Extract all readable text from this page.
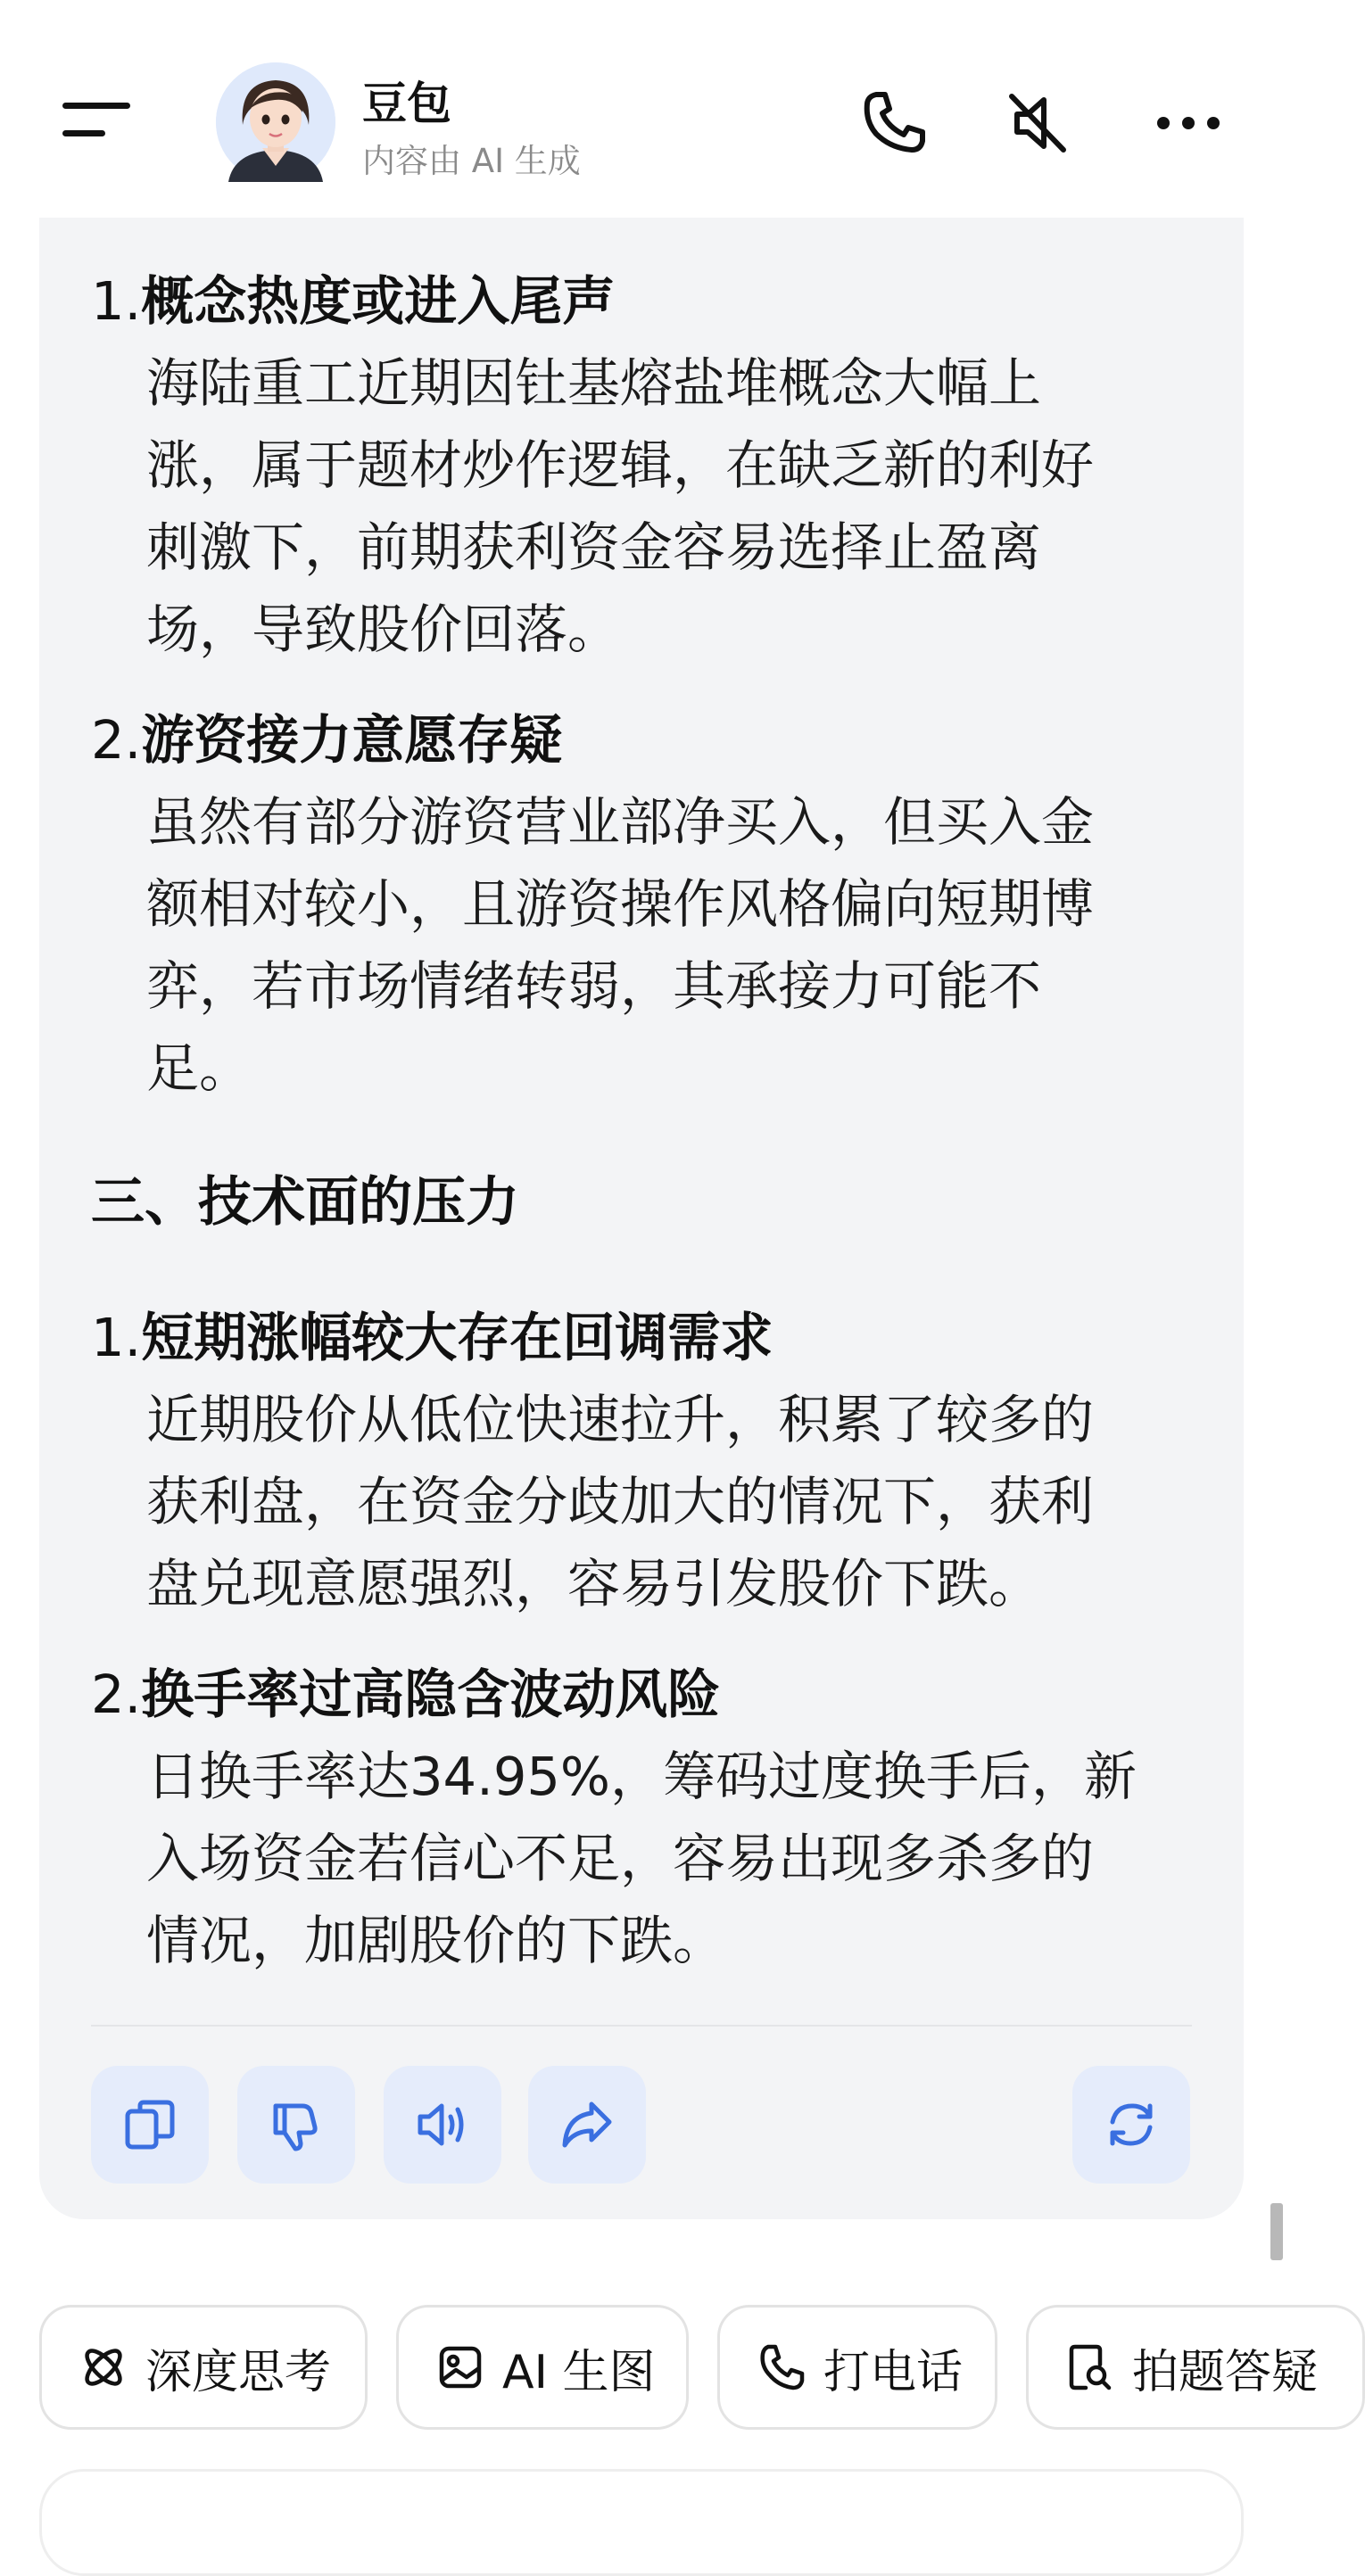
豆包
内容由 AI 生成
1.概念热度或进入尾声
海陆重工近期因钍基熔盐堆概念大幅上
涨，属于题材炒作逻辑，在缺乏新的利好
刺激下，前期获利资金容易选择止盈离
场，导致股价回落。
2.游资接力意愿存疑
虽然有部分游资营业部净买入，但买入金
额相对较小，且游资操作风格偏向短期博
弈，若市场情绪转弱，其承接力可能不
足。
三、技术面的压力
1.短期涨幅较大存在回调需求
近期股价从低位快速拉升，积累了较多的
获利盘，在资金分歧加大的情况下，获利
盘兑现意愿强烈，容易引发股价下跌。
2.换手率过高隐含波动风险
日换手率达34.95%，筹码过度换手后，新
入场资金若信心不足，容易出现多杀多的
情况，加剧股价的下跌。
深度思考	AI 生图	打电话	拍题答疑
